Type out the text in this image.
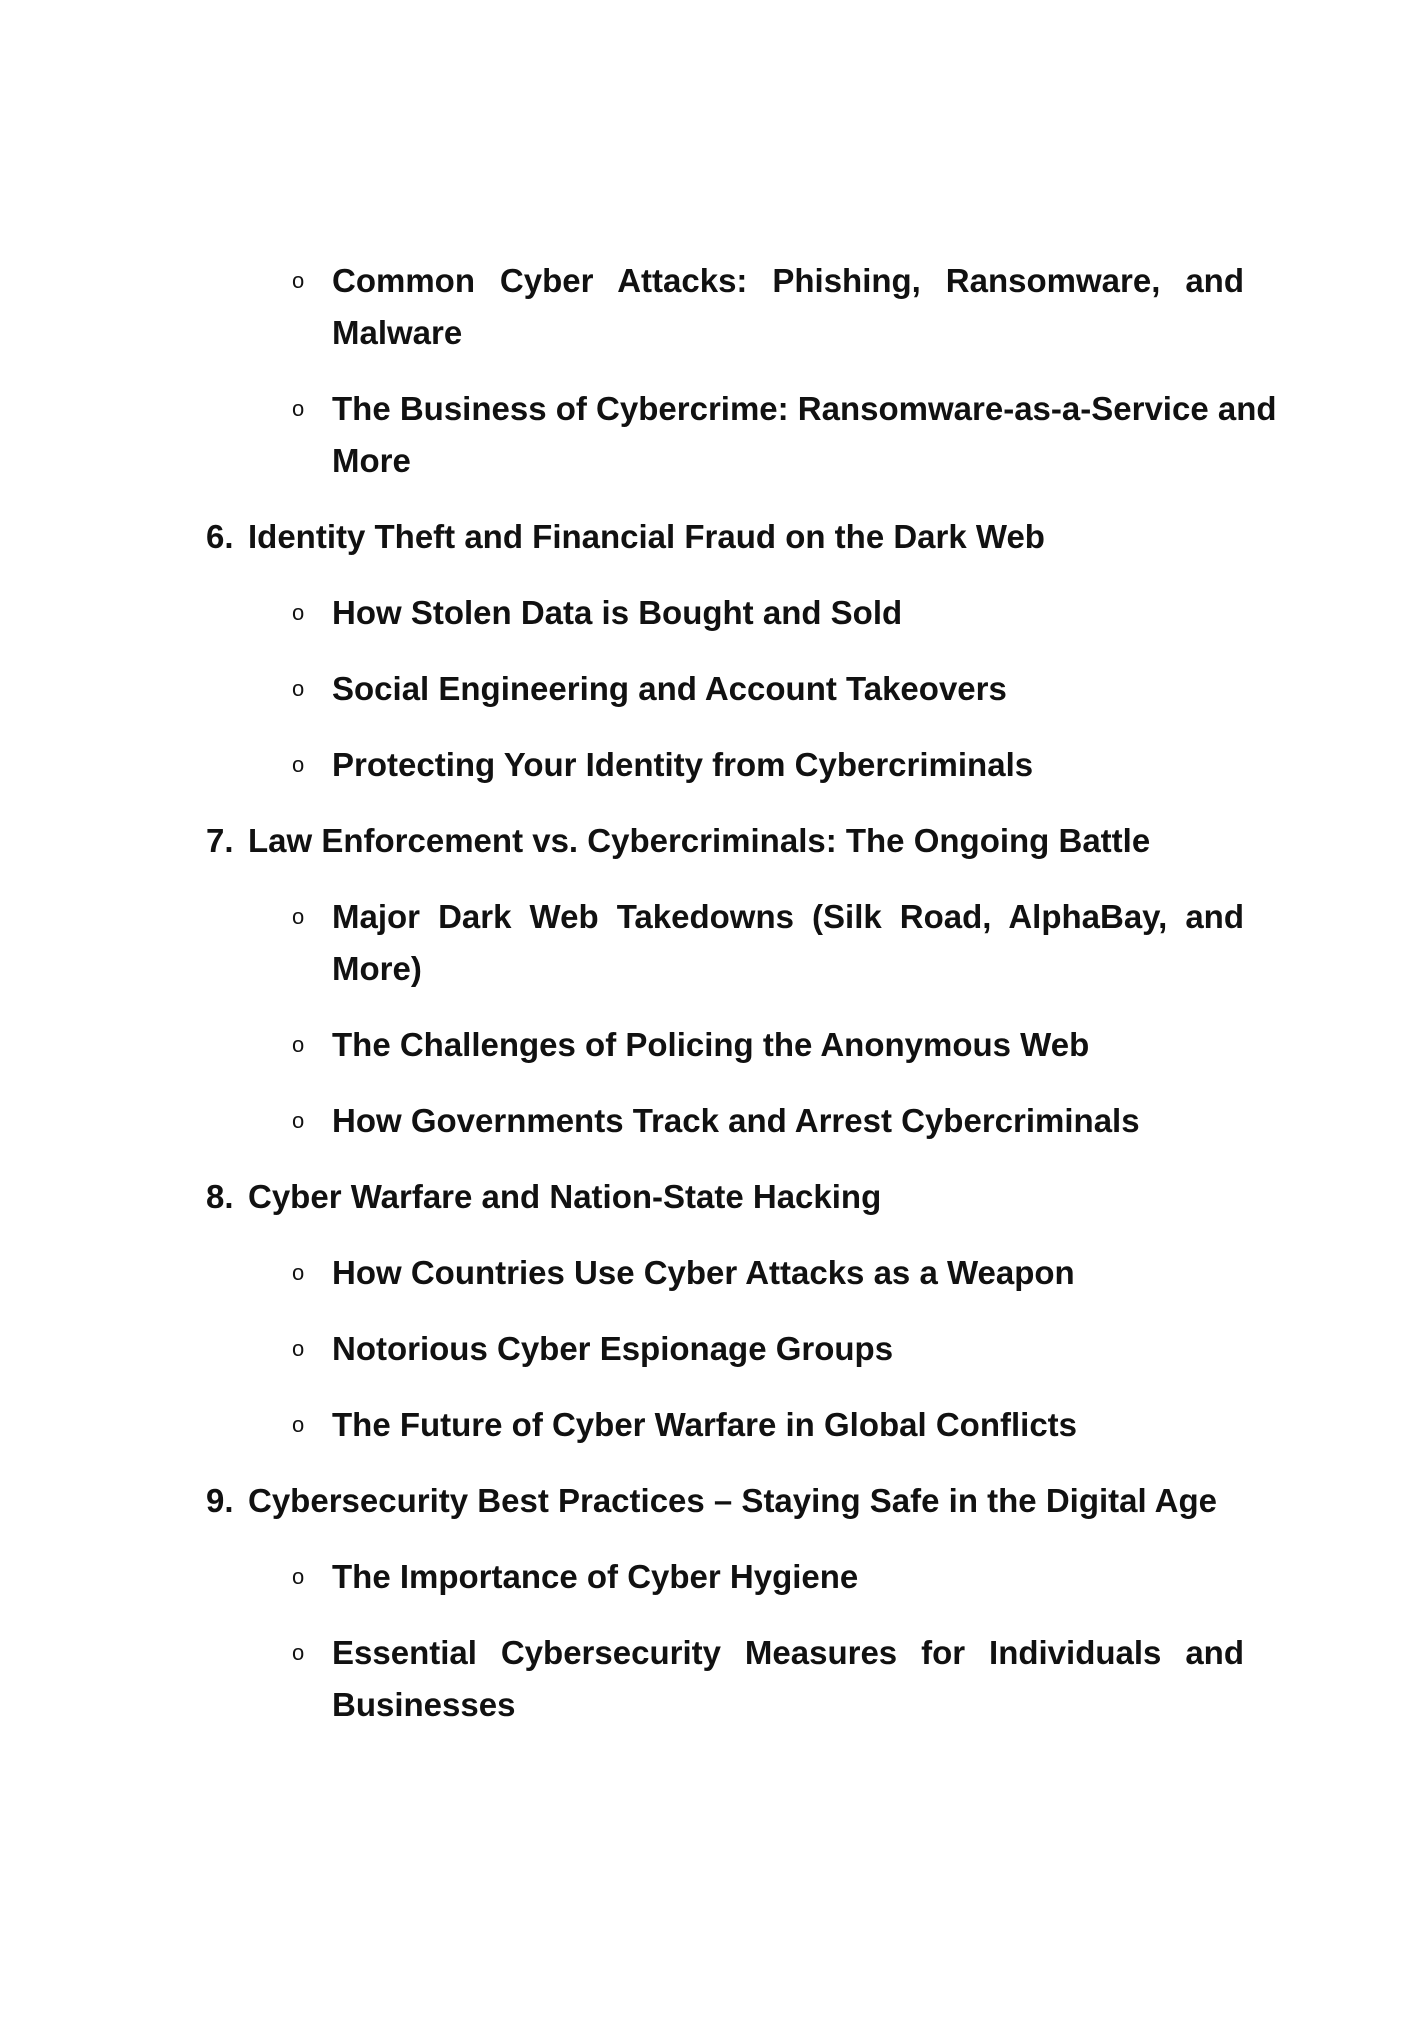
o Common Cyber Attacks: Phishing, Ransomware, and
Malware
o The Business of Cybercrime: Ransomware-as-a-Service and
More
6. Identity Theft and Financial Fraud on the Dark Web
o How Stolen Data is Bought and Sold
o Social Engineering and Account Takeovers
o Protecting Your Identity from Cybercriminals
7. Law Enforcement vs. Cybercriminals: The Ongoing Battle
o Major Dark Web Takedowns (Silk Road, AlphaBay, and
More)
o The Challenges of Policing the Anonymous Web
o How Governments Track and Arrest Cybercriminals
8. Cyber Warfare and Nation-State Hacking
o How Countries Use Cyber Attacks as a Weapon
o Notorious Cyber Espionage Groups
o The Future of Cyber Warfare in Global Conflicts
9. Cybersecurity Best Practices – Staying Safe in the Digital Age
o The Importance of Cyber Hygiene
o Essential Cybersecurity Measures for Individuals and
Businesses
